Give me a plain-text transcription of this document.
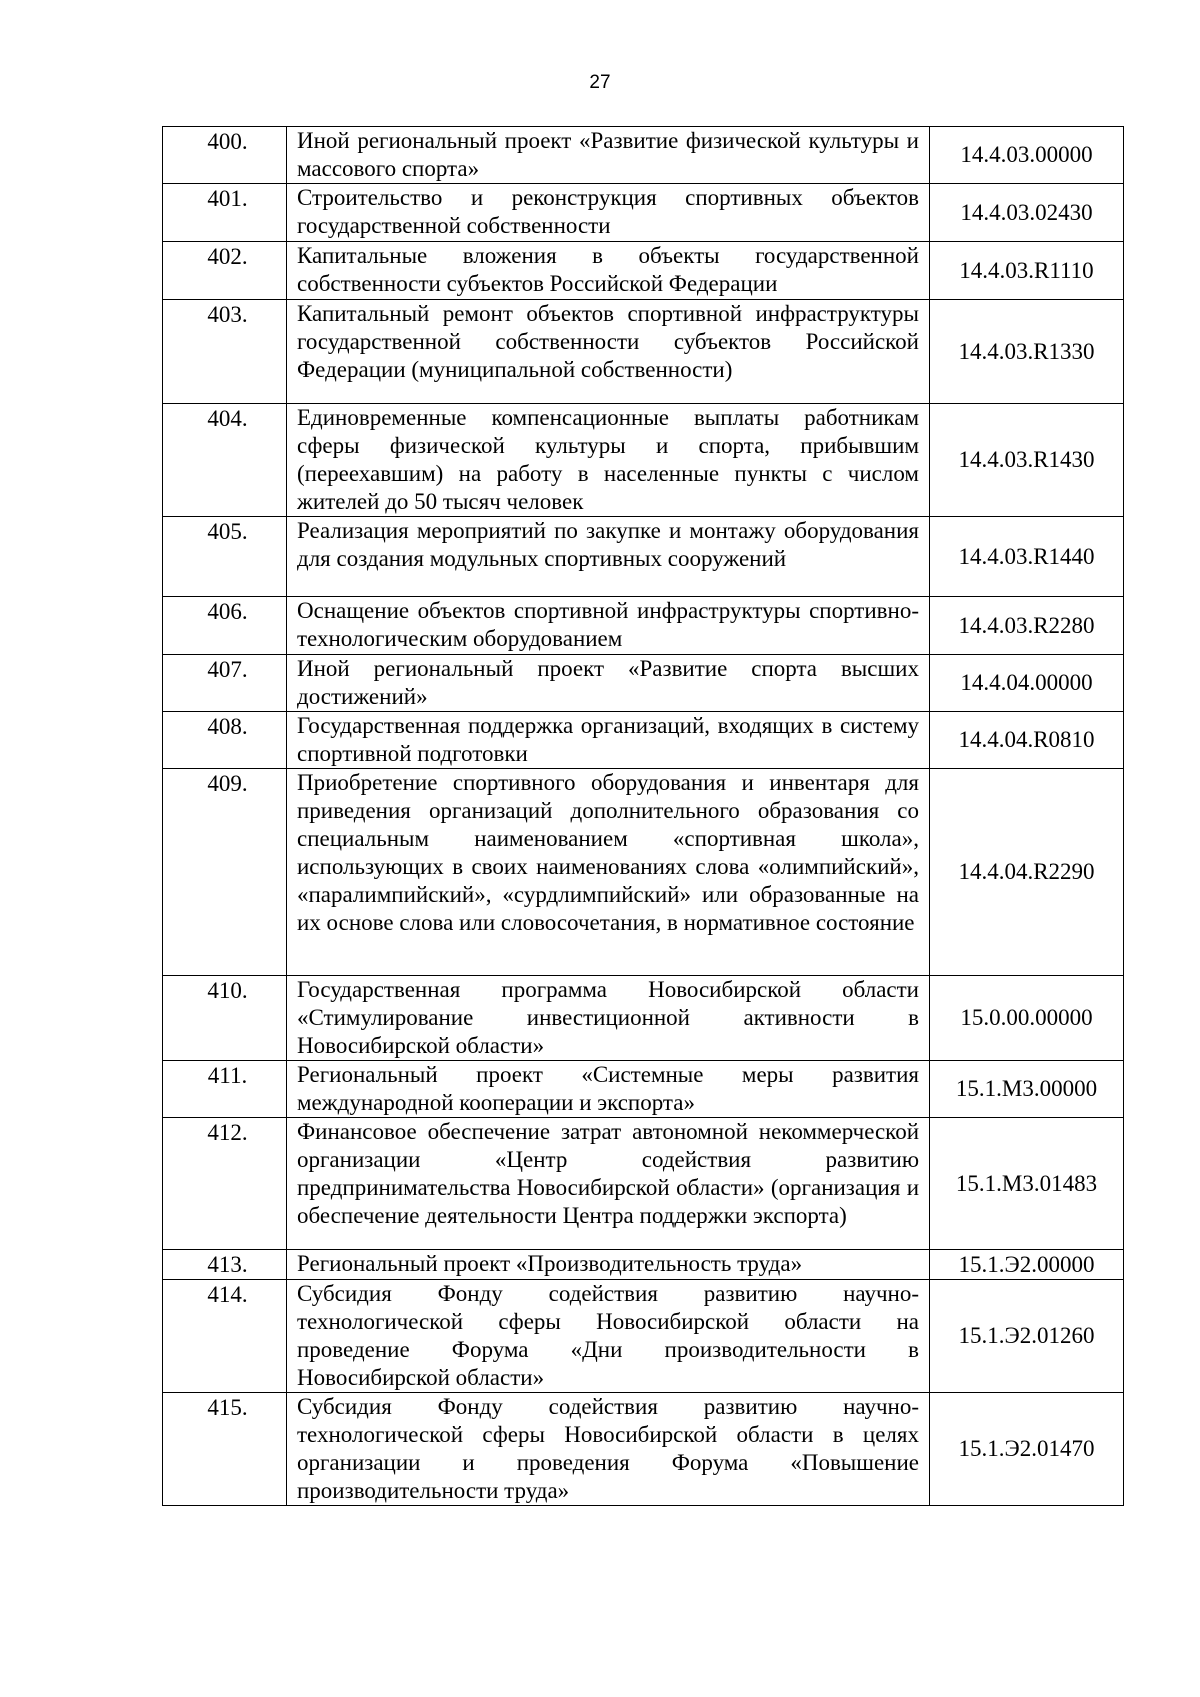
27
400.	Иной региональный проект «Развитие физической культуры и массового спорта»	14.4.03.00000
401.	Строительство и реконструкция спортивных объектов государственной собственности	14.4.03.02430
402.	Капитальные вложения в объекты государственной собственности субъектов Российской Федерации	14.4.03.R1110
403.	Капитальный ремонт объектов спортивной инфраструктуры государственной собственности субъектов Российской Федерации (муниципальной собственности)	14.4.03.R1330
404.	Единовременные компенсационные выплаты работникам сферы физической культуры и спорта, прибывшим (переехавшим) на работу в населенные пункты с числом жителей до 50 тысяч человек	14.4.03.R1430
405.	Реализация мероприятий по закупке и монтажу оборудования для создания модульных спортивных сооружений	14.4.03.R1440
406.	Оснащение объектов спортивной инфраструктуры спортивно-технологическим оборудованием	14.4.03.R2280
407.	Иной региональный проект «Развитие спорта высших достижений»	14.4.04.00000
408.	Государственная поддержка организаций, входящих в систему спортивной подготовки	14.4.04.R0810
409.	Приобретение спортивного оборудования и инвентаря для приведения организаций дополнительного образования со специальным наименованием «спортивная школа», использующих в своих наименованиях слова «олимпийский», «паралимпийский», «сурдлимпийский» или образованные на их основе слова или словосочетания, в нормативное состояние	14.4.04.R2290
410.	Государственная программа Новосибирской области «Стимулирование инвестиционной активности в Новосибирской области»	15.0.00.00000
411.	Региональный проект «Системные меры развития международной кооперации и экспорта»	15.1.М3.00000
412.	Финансовое обеспечение затрат автономной некоммерческой организации «Центр содействия развитию предпринимательства Новосибирской области» (организация и обеспечение деятельности Центра поддержки экспорта)	15.1.М3.01483
413.	Региональный проект «Производительность труда»	15.1.Э2.00000
414.	Субсидия Фонду содействия развитию научно-технологической сферы Новосибирской области на проведение Форума «Дни производительности в Новосибирской области»	15.1.Э2.01260
415.	Субсидия Фонду содействия развитию научно-технологической сферы Новосибирской области в целях организации и проведения Форума «Повышение производительности труда»	15.1.Э2.01470
